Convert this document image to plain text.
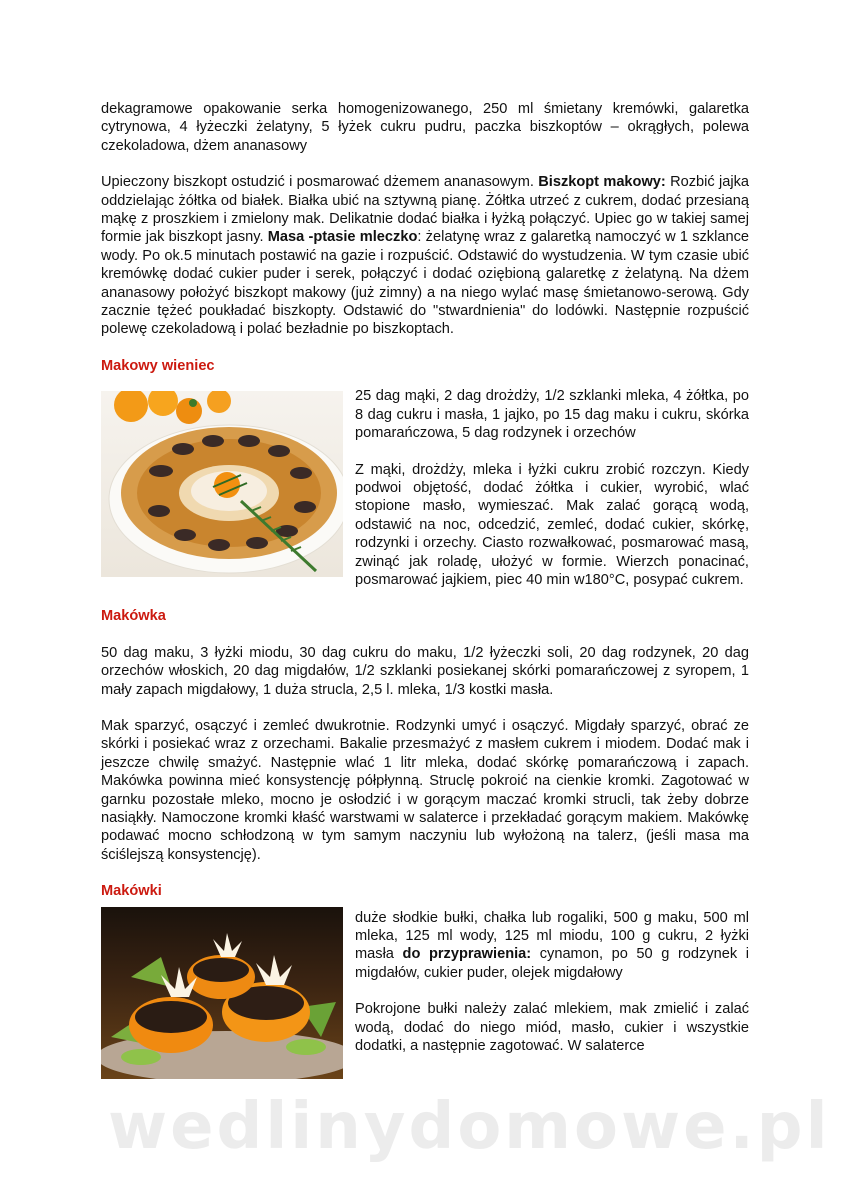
dekagramowe opakowanie serka homogenizowanego, 250 ml śmietany kremówki, galaretka cytrynowa, 4 łyżeczki żelatyny, 5 łyżek cukru pudru, paczka biszkoptów – okrągłych, polewa czekoladowa, dżem ananasowy

Upieczony biszkopt ostudzić i posmarować dżemem ananasowym. Biszkopt makowy: Rozbić jajka oddzielając żółtka od białek. Białka ubić na sztywną pianę. Żółtka utrzeć z cukrem, dodać przesianą mąkę z proszkiem i zmielony mak. Delikatnie dodać białka i łyżką połączyć. Upiec go w takiej samej formie jak biszkopt jasny. Masa -ptasie mleczko: żelatynę wraz z galaretką namoczyć w 1 szklance wody. Po ok.5 minutach postawić na gazie i rozpuścić. Odstawić do wystudzenia. W tym czasie ubić kremówkę dodać cukier puder i serek, połączyć i dodać oziębioną galaretkę z żelatyną. Na dżem ananasowy położyć biszkopt makowy (już zimny) a na niego wylać masę śmietanowo-serową. Gdy zacznie tężeć poukładać biszkopty. Odstawić do "stwardnienia" do lodówki. Następnie rozpuścić polewę czekoladową i polać bezładnie po biszkoptach.

Makowy wieniec

25 dag mąki, 2 dag drożdży, 1/2 szklanki mleka, 4 żółtka, po 8 dag cukru i masła, 1 jajko, po 15 dag maku i cukru, skórka pomarańczowa, 5 dag rodzynek i orzechów

Z mąki, drożdży, mleka i łyżki cukru zrobić rozczyn. Kiedy podwoi objętość, dodać żółtka i cukier, wyrobić, wlać stopione masło, wymieszać. Mak zalać gorącą wodą, odstawić na noc, odcedzić, zemleć, dodać cukier, skórkę, rodzynki i orzechy. Ciasto rozwałkować, posmarować masą, zwinąć jak roladę, ułożyć w formie. Wierzch ponacinać, posmarować jajkiem, piec 40 min w180°C, posypać cukrem.

Makówka

50 dag maku, 3 łyżki miodu, 30 dag cukru do maku, 1/2 łyżeczki soli, 20 dag rodzynek, 20 dag orzechów włoskich, 20 dag migdałów, 1/2 szklanki posiekanej skórki pomarańczowej z syropem, 1 mały zapach migdałowy, 1 duża strucla, 2,5 l. mleka, 1/3 kostki masła.

Mak sparzyć, osączyć i zemleć dwukrotnie. Rodzynki umyć i osączyć. Migdały sparzyć, obrać ze skórki i posiekać wraz z orzechami. Bakalie przesmażyć z masłem cukrem i miodem. Dodać mak i jeszcze chwilę smażyć. Następnie wlać 1 litr mleka, dodać skórkę pomarańczową i zapach. Makówka powinna mieć konsystencję półpłynną. Struclę pokroić na cienkie kromki. Zagotować w garnku pozostałe mleko, mocno je osłodzić i w gorącym maczać kromki strucli, tak żeby dobrze nasiąkły. Namoczone kromki kłaść warstwami w salaterce i przekładać gorącym makiem. Makówkę podawać mocno schłodzoną w tym samym naczyniu lub wyłożoną na talerz, (jeśli masa ma ściślejszą konsystencję).

Makówki

duże słodkie bułki, chałka lub rogaliki, 500 g maku, 500 ml mleka, 125 ml wody, 125 ml miodu, 100 g cukru, 2 łyżki masła do przyprawienia: cynamon, po 50 g rodzynek i migdałów, cukier puder, olejek migdałowy

Pokrojone bułki należy zalać mlekiem, mak zmielić i zalać wodą, dodać do niego miód, masło, cukier i wszystkie dodatki, a następnie zagotować. W salaterce

wedlinydomowe.pl
